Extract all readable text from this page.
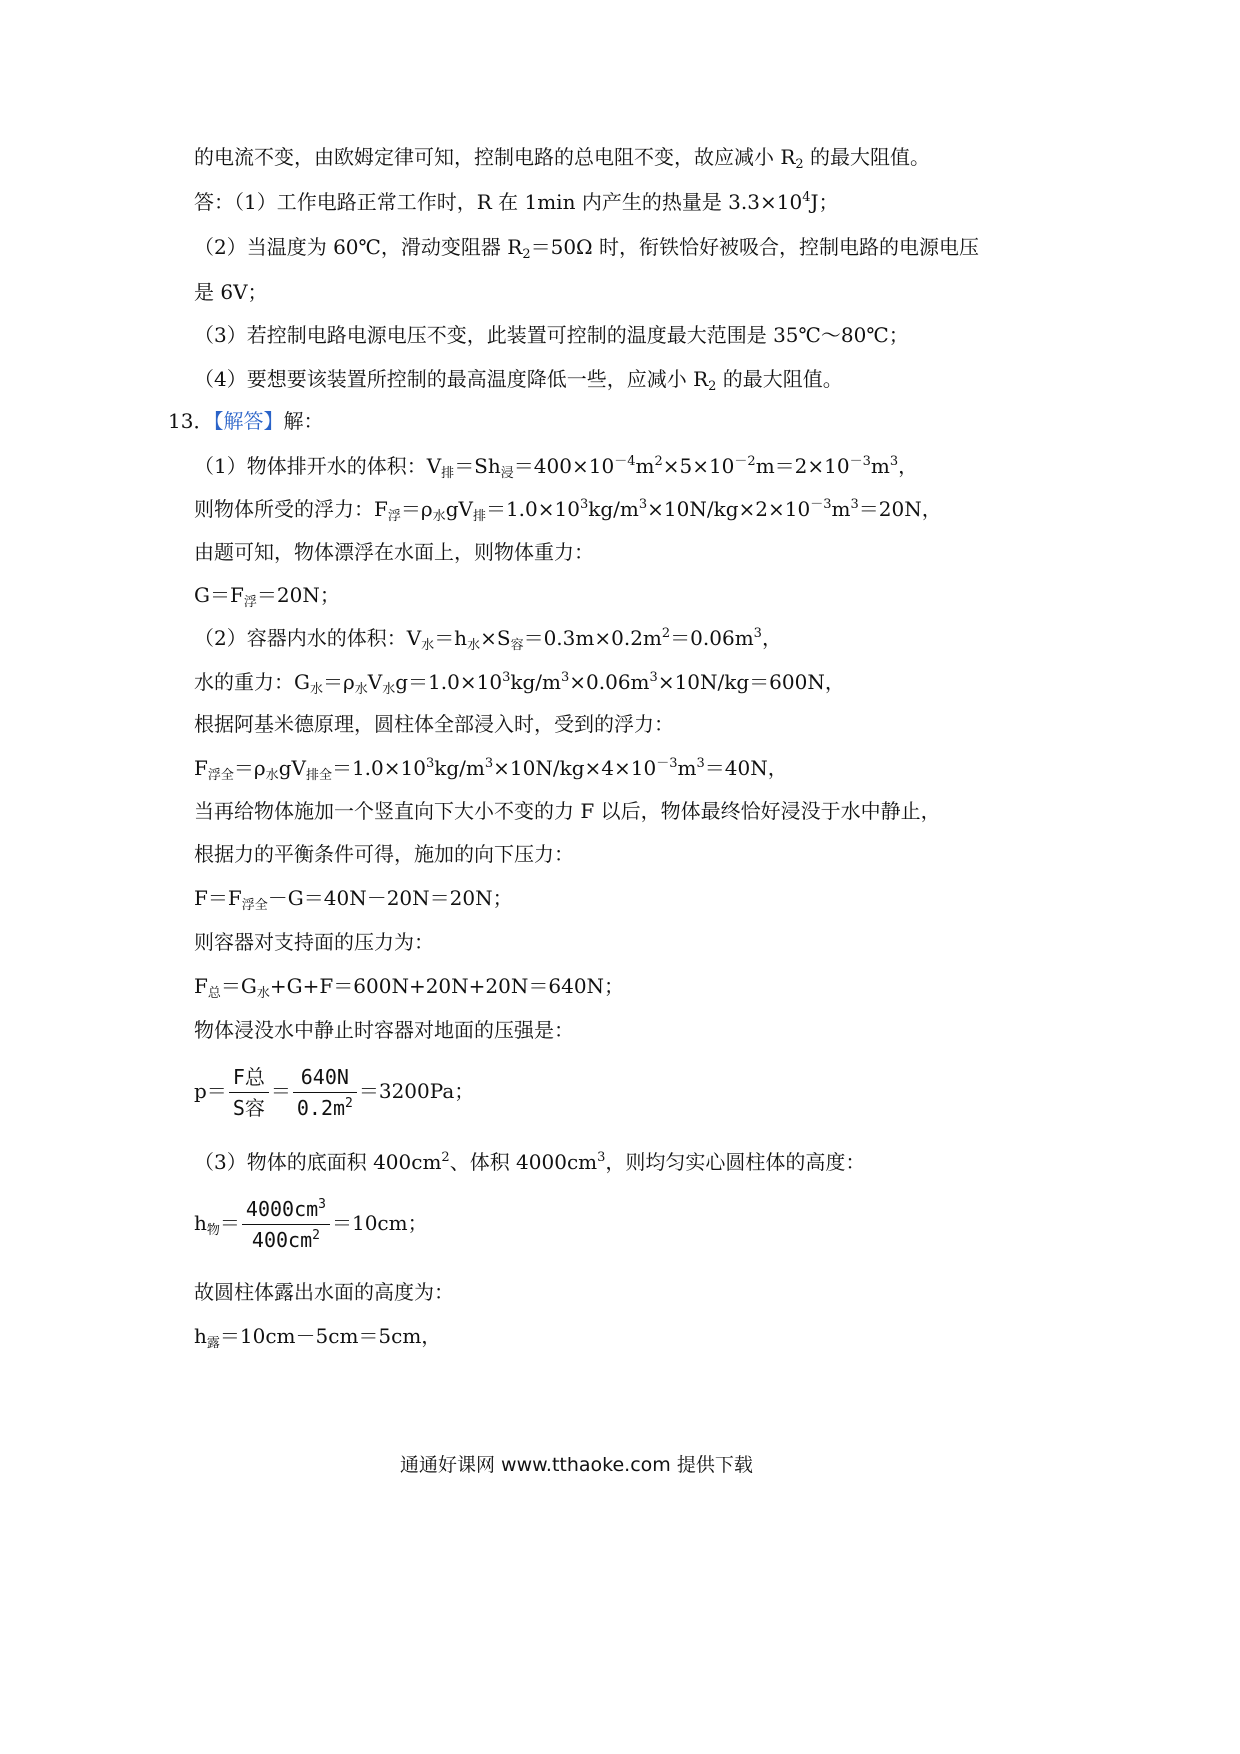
的电流不变，由欧姆定律可知，控制电路的总电阻不变，故应减小 $R_2$ 的最大阻值。
答：（1）工作电路正常工作时，R 在 1min 内产生的热量是 $3.3\times 10^4J$；
（2）当温度为 60℃，滑动变阻器 $R_2=50\Omega$ 时，衔铁恰好被吸合，控制电路的电源电压
是 6V；
（3）若控制电路电源电压不变，此装置可控制的温度最大范围是 35℃～80℃；
（4）要想要该装置所控制的最高温度降低一些，应减小 $R_2$ 的最大阻值。
13．【解答】解：
（1）物体排开水的体积：$V_排=Sh_浸=400\times 10^{-4}m^2\times 5\times 10^{-2}m=2\times 10^{-3}m^3$，
则物体所受的浮力：$F_浮=\rho_水gV_排=1.0\times 10^3kg/m^3\times 10N/kg\times 2\times 10^{-3}m^3=20N$，
由题可知，物体漂浮在水面上，则物体重力：
$G=F_浮=20N$；
（2）容器内水的体积：$V_水=h_水\times S_容=0.3m\times 0.2m^2=0.06m^3$，
水的重力：$G_水=\rho_水V_水g=1.0\times 10^3kg/m^3\times 0.06m^3\times 10N/kg=600N$，
根据阿基米德原理，圆柱体全部浸入时，受到的浮力：
$F_{浮全}=\rho_水gV_{排全}=1.0\times 10^3kg/m^3\times 10N/kg\times 4\times 10^{-3}m^3=40N$，
当再给物体施加一个竖直向下大小不变的力 F 以后，物体最终恰好浸没于水中静止，
根据力的平衡条件可得，施加的向下压力：
$F=F_{浮全}-G=40N-20N=20N$；
则容器对支持面的压力为：
$F_总=G_水+G+F=600N+20N+20N=640N$；
物体浸没水中静止时容器对地面的压强是：
$p= \frac{\text{F总}}{\text{S容}} = \frac{640N}{0.2m^2} =3200Pa$；
（3）物体的底面积 $400cm^2$、体积 $4000cm^3$，则均匀实心圆柱体的高度：
$h_物= \frac{4000cm^3}{400cm^2} =10cm$；
故圆柱体露出水面的高度为：
$h_露=10cm-5cm=5cm$，
通通好课网 www.tthaoke.com 提供下载
